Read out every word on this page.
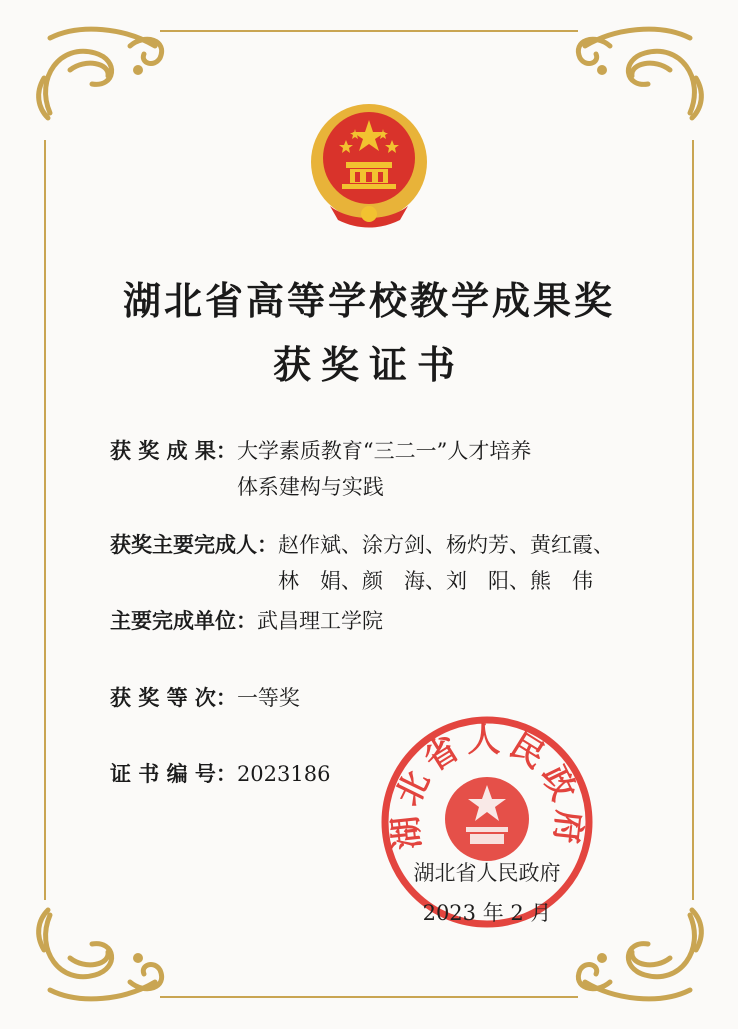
湖北省高等学校教学成果奖
获奖证书
获 奖 成 果：大学素质教育“三二一”人才培养
体系建构与实践
获奖主要完成人：赵作斌、涂方剑、杨灼芳、黄红霞、
林　娟、颜　海、刘　阳、熊　伟
主要完成单位：武昌理工学院
获 奖 等 次：一等奖
证 书 编 号：2023186
湖北省人民政府
湖北省人民政府
2023 年 2 月
